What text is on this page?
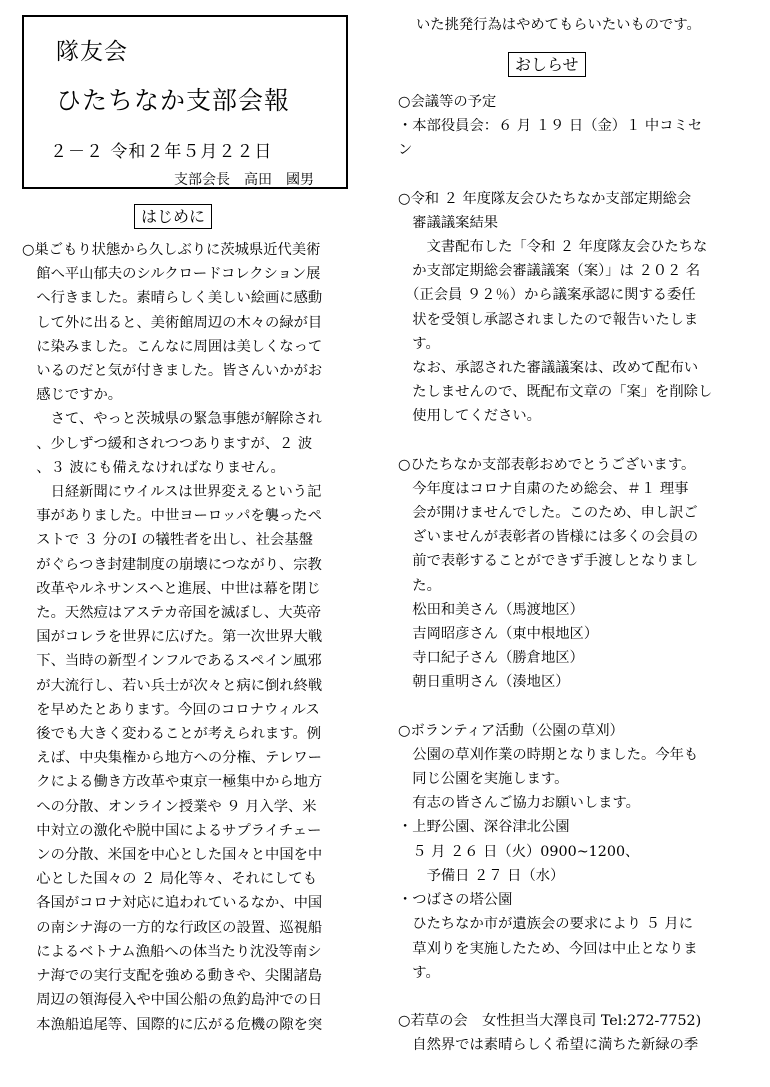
いた挑発行為はやめてもらいたいものです。
隊友会
ひたちなか支部会報
２－２ 令和２年５月２２日
支部会長　高田　國男
はじめに
おしらせ
○巣ごもり状態から久しぶりに茨城県近代美術
　館へ平山郁夫のシルクロードコレクション展
　へ行きました。素晴らしく美しい絵画に感動
　して外に出ると、美術館周辺の木々の緑が目
　に染みました。こんなに周囲は美しくなって
　いるのだと気が付きました。皆さんいかがお
　感じですか。
　　さて、やっと茨城県の緊急事態が解除され
　、少しずつ緩和されつつありますが、２ 波
　、３ 波にも備えなければなりません。
　　日経新聞にウイルスは世界変えるという記
　事がありました。中世ヨーロッパを襲ったペ
　ストで ３ 分のI の犠牲者を出し、社会基盤
　がぐらつき封建制度の崩壊につながり、宗教
　改革やルネサンスへと進展、中世は幕を閉じ
　た。天然痘はアステカ帝国を滅ぼし、大英帝
　国がコレラを世界に広げた。第一次世界大戦
　下、当時の新型インフルであるスペイン風邪
　が大流行し、若い兵士が次々と病に倒れ終戦
　を早めたとあります。今回のコロナウィルス
　後でも大きく変わることが考えられます。例
　えば、中央集権から地方への分権、テレワー
　クによる働き方改革や東京一極集中から地方
　への分散、オンライン授業や ９ 月入学、米
　中対立の激化や脱中国によるサプライチェー
　ンの分散、米国を中心とした国々と中国を中
　心とした国々の ２ 局化等々、それにしても
　各国がコロナ対応に追われているなか、中国
　の南シナ海の一方的な行政区の設置、巡視船
　によるベトナム漁船への体当たり沈没等南シ
　ナ海での実行支配を強める動きや、尖閣諸島
　周辺の領海侵入や中国公船の魚釣島沖での日
　本漁船追尾等、国際的に広がる危機の隙を突
○会議等の予定
・本部役員会：６ 月 １９ 日（金）１ 中コミセ
ン
○令和 ２ 年度隊友会ひたちなか支部定期総会
　審議議案結果
　　文書配布した「令和 ２ 年度隊友会ひたちな
　か支部定期総会審議議案（案）」は ２０２ 名
　（正会員 ９２％）から議案承認に関する委任
　状を受領し承認されましたので報告いたしま
　す。
　なお、承認された審議議案は、改めて配布い
　たしませんので、既配布文章の「案」を削除し
　使用してください。
○ひたちなか支部表彰おめでとうございます。
　今年度はコロナ自粛のため総会、＃１ 理事
　会が開けませんでした。このため、申し訳ご
　ざいませんが表彰者の皆様には多くの会員の
　前で表彰することができず手渡しとなりまし
　た。
　松田和美さん（馬渡地区）
　吉岡昭彦さん（東中根地区）
　寺口紀子さん（勝倉地区）
　朝日重明さん（湊地区）
○ボランティア活動（公園の草刈）
　公園の草刈作業の時期となりました。今年も
　同じ公園を実施します。
　有志の皆さんご協力お願いします。
・上野公園、深谷津北公園
　５ 月 ２６ 日（火）0900~1200、
　　予備日 ２７ 日（水）
・つばさの塔公園
　ひたちなか市が遺族会の要求により ５ 月に
　草刈りを実施したため、今回は中止となりま
　す。
○若草の会　女性担当大澤良司 Tel:272-7752)
　自然界では素晴らしく希望に満ちた新緑の季
